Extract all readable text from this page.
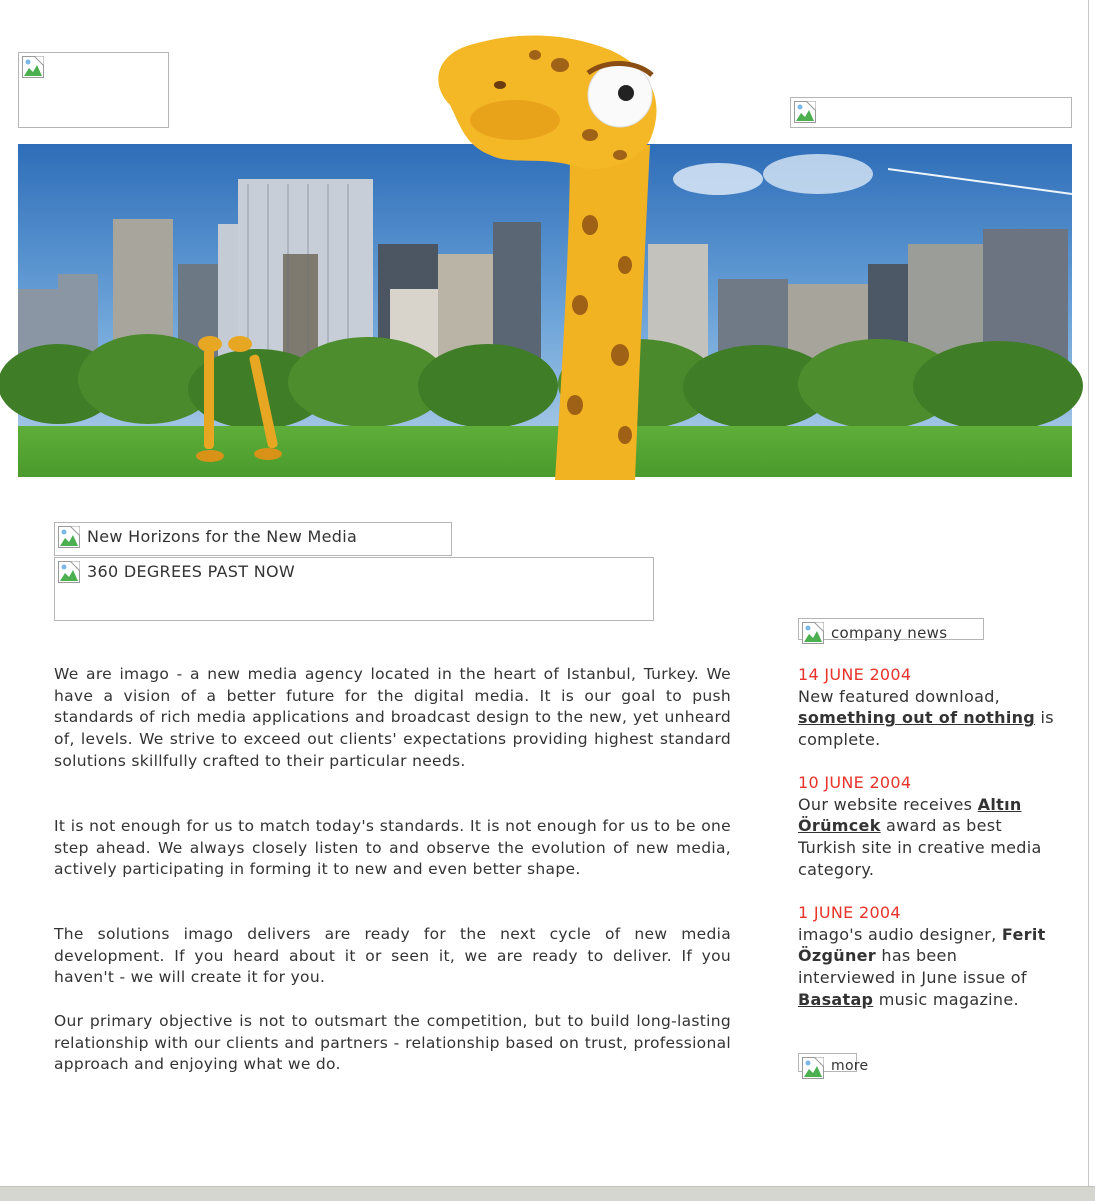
New Horizons for the New Media
360 DEGREES PAST NOW
We are imago - a new media agency located in the heart of Istanbul, Turkey. We have a vision of a better future for the digital media. It is our goal to push standards of rich media applications and broadcast design to the new, yet unheard of, levels. We strive to exceed out clients' expectations providing highest standard solutions skillfully crafted to their particular needs.
It is not enough for us to match today's standards. It is not enough for us to be one step ahead. We always closely listen to and observe the evolution of new media, actively participating in forming it to new and even better shape.
The solutions imago delivers are ready for the next cycle of new media development. If you heard about it or seen it, we are ready to deliver. If you haven't - we will create it for you.
Our primary objective is not to outsmart the competition, but to build long-lasting relationship with our clients and partners - relationship based on trust, professional approach and enjoying what we do.
company news
14 JUNE 2004
New featured download, something out of nothing is complete.
10 JUNE 2004
Our website receives Altın Örümcek award as best Turkish site in creative media category.
1 JUNE 2004
imago's audio designer, Ferit Özgüner has been interviewed in June issue of Basatap music magazine.
more
